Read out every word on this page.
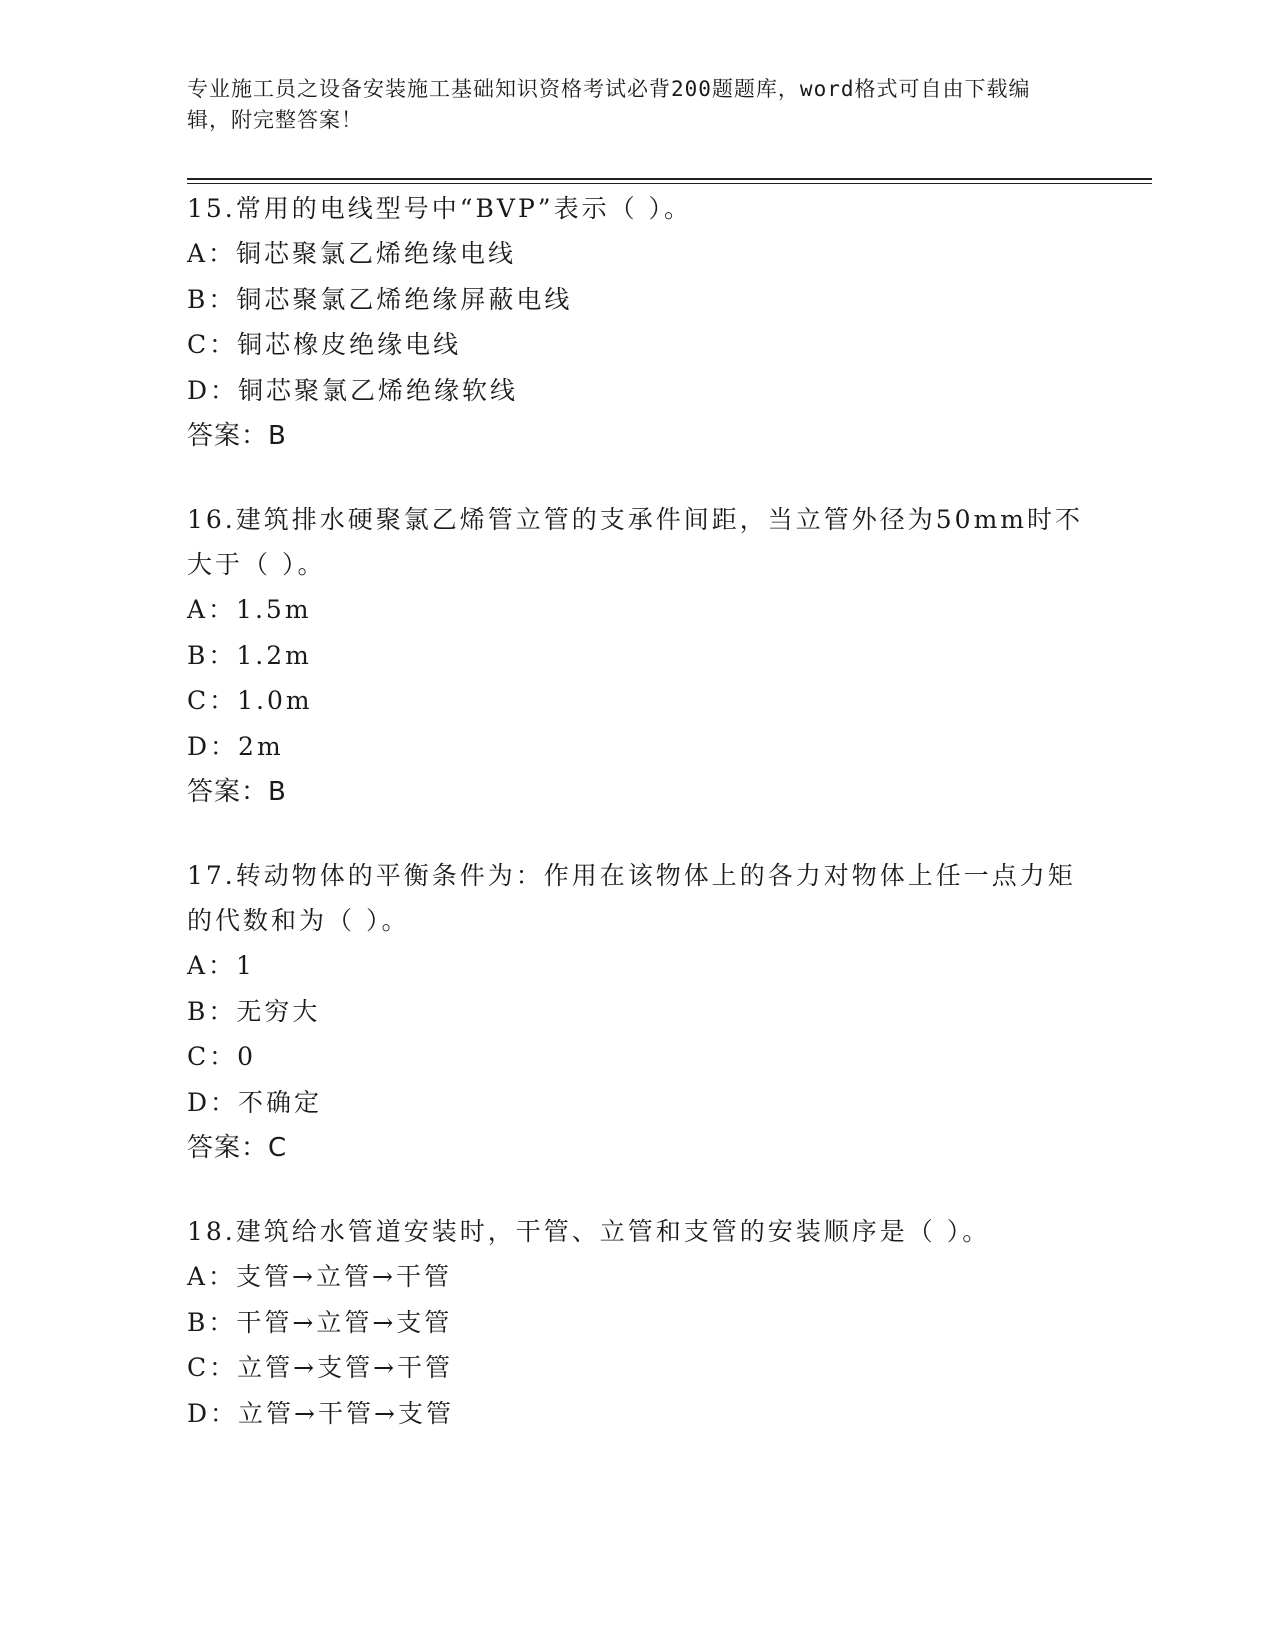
专业施工员之设备安装施工基础知识资格考试必背200题题库，word格式可自由下载编辑，附完整答案！
15.常用的电线型号中“BVP”表示（ ）。
A：铜芯聚氯乙烯绝缘电线
B：铜芯聚氯乙烯绝缘屏蔽电线
C：铜芯橡皮绝缘电线
D：铜芯聚氯乙烯绝缘软线
答案：B
16.建筑排水硬聚氯乙烯管立管的支承件间距，当立管外径为50mm时不大于（ ）。
A：1.5m
B：1.2m
C：1.0m
D：2m
答案：B
17.转动物体的平衡条件为：作用在该物体上的各力对物体上任一点力矩的代数和为（ ）。
A：1
B：无穷大
C：0
D：不确定
答案：C
18.建筑给水管道安装时，干管、立管和支管的安装顺序是（ ）。
A：支管→立管→干管
B：干管→立管→支管
C：立管→支管→干管
D：立管→干管→支管
